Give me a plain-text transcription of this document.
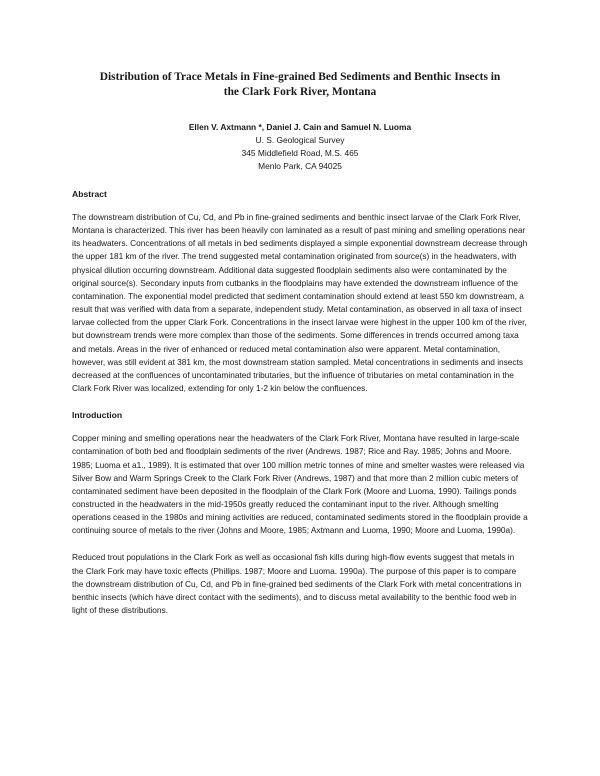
Distribution of Trace Metals in Fine-grained Bed Sediments and Benthic Insects in the Clark Fork River, Montana
Ellen V. Axtmann *, Daniel J. Cain and Samuel N. Luoma
U. S. Geological Survey
345 Middlefield Road, M.S. 465
Menlo Park, CA 94025
Abstract

The downstream distribution of Cu, Cd, and Pb in fine-grained sediments and benthic insect larvae of the Clark Fork River, Montana is characterized. This river has been heavily con laminated as a result of past mining and smelling operations near its headwaters. Concentrations of all metals in bed sediments displayed a simple exponential downstream decrease through the upper 181 km of the river. The trend suggested metal contamination originated from source(s) in the headwaters, with physical dilution occurring downstream. Additional data suggested floodplain sediments also were contaminated by the original source(s). Secondary inputs from cutbanks in the floodplains may have extended the downstream influence of the contamination. The exponential model predicted that sediment contamination should extend at least 550 km downstream, a result that was verified with data from a separate, independent study. Metal contamination, as observed in all taxa of insect larvae collected from the upper Clark Fork. Concentrations in the insect larvae were highest in the upper 100 km of the river, but downstream trends were more complex than those of the sediments. Some differences in trends occurred among taxa and metals. Areas in the river of enhanced or reduced metal contamination also were apparent. Metal contamination, however, was still evident at 381 km, the most downstream station sampled. Metal concentrations in sediments and insects decreased at the confluences of uncontaminated tributaries, but the influence of tributaries on metal contamination in the Clark Fork River was localized, extending for only 1-2 kin below the confluences.

Introduction

Copper mining and smelling operations near the headwaters of the Clark Fork River, Montana have resulted in large-scale contamination of both bed and floodplain sediments of the river (Andrews. 1987; Rice and Ray. 1985; Johns and Moore. 1985; Luoma et a1., 1989). It is estimated that over 100 million metric tonnes of mine and smelter wastes were released via Silver Bow and Warm Springs Creek to the Clark Fork River (Andrews, 1987) and that more than 2 million cubic meters of contaminated sediment have been deposited in the floodplain of the Clark Fork (Moore and Luoma, 1990). Tailings ponds constructed in the headwaters in the mid-1950s greatly reduced the contaminant input to the river. Although smelting operations ceased in the 1980s and mining activities are reduced, contaminated sediments stored in the floodplain provide a continuing source of metals to the river (Johns and Moore, 1985; Axtmann and Luoma, 1990; Moore and Luoma, 1990a).

Reduced trout populations in the Clark Fork as well as occasional fish kills during high-flow events suggest that metals in the Clark Fork may have toxic effects (Phillips. 1987; Moore and Luoma. 1990a). The purpose of this paper is to compare the downstream distribution of Cu, Cd, and Pb in fine-grained bed sediments of the Clark Fork with metal concentrations in benthic insects (which have direct contact with the sediments), and to discuss metal availability to the benthic food web in light of these distributions.
